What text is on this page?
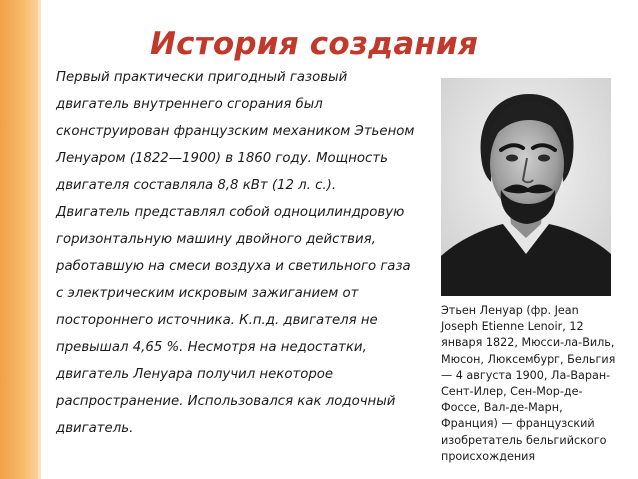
История создания
Первый практически пригодный газовый
двигатель внутреннего сгорания был
сконструирован французским механиком Этьеном
Ленуаром (1822—1900) в 1860 году. Мощность
двигателя составляла 8,8 кВт (12 л. с.).
Двигатель представлял собой одноцилиндровую
горизонтальную машину двойного действия,
работавшую на смеси воздуха и светильного газа
с электрическим искровым зажиганием от
постороннего источника. К.п.д. двигателя не
превышал 4,65 %. Несмотря на недостатки,
двигатель Ленуара получил некоторое
распространение. Использовался как лодочный
двигатель.
Этьен Ленуар (фр. Jean
Joseph Etienne Lenoir, 12
января 1822, Мюсси-ла-Виль,
Мюсон, Люксембург, Бельгия
— 4 августа 1900, Ла-Варан-
Сент-Илер, Сен-Мор-де-
Фоссе, Вал-де-Марн,
Франция) — французский
изобретатель бельгийского
происхождения
